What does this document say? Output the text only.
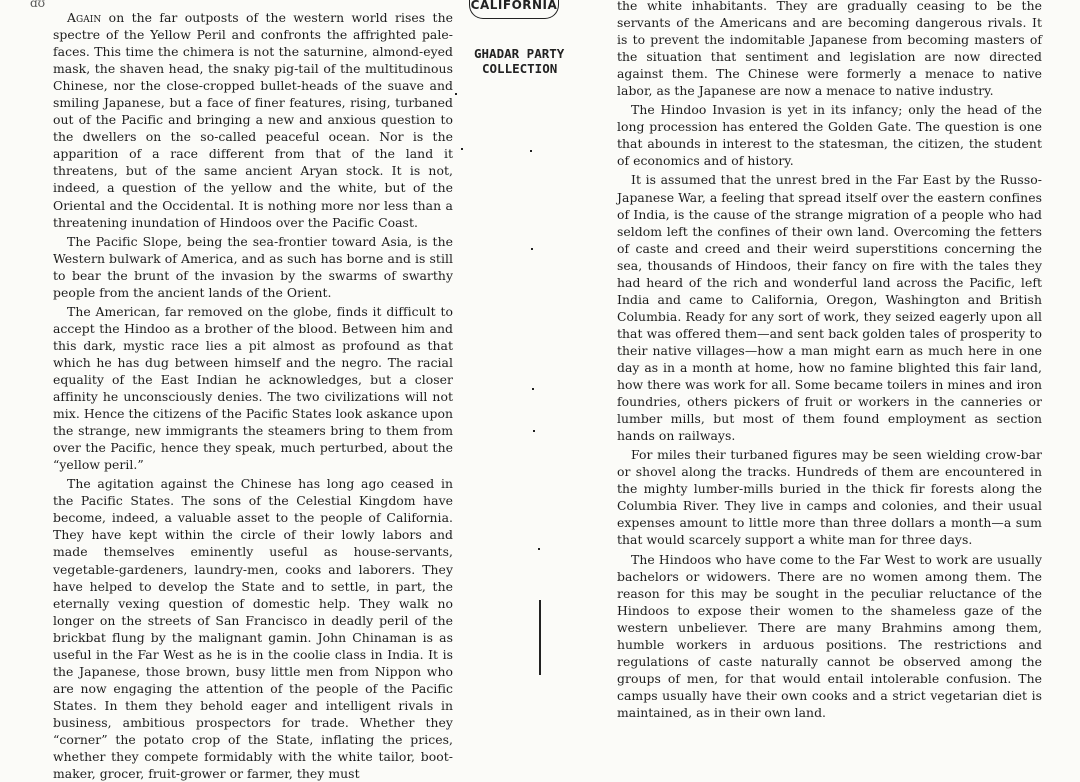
ɑʊ	CALIFORNIA
GHADAR PARTY
COLLECTION

Again on the far outposts of the western world rises the spectre of the Yellow Peril and confronts the affrighted pale-faces. This time the chimera is not the saturnine, almond-eyed mask, the shaven head, the snaky pig-tail of the multitudinous Chinese, nor the close-cropped bullet-heads of the suave and smiling Japanese, but a face of finer features, rising, turbaned out of the Pacific and bringing a new and anxious question to the dwellers on the so-called peaceful ocean. Nor is the apparition of a race different from that of the land it threatens, but of the same ancient Aryan stock. It is not, indeed, a question of the yellow and the white, but of the Oriental and the Occidental. It is nothing more nor less than a threatening inundation of Hindoos over the Pacific Coast.

The Pacific Slope, being the sea-frontier toward Asia, is the Western bulwark of America, and as such has borne and is still to bear the brunt of the invasion by the swarms of swarthy people from the ancient lands of the Orient.

The American, far removed on the globe, finds it difficult to accept the Hindoo as a brother of the blood. Between him and this dark, mystic race lies a pit almost as profound as that which he has dug between himself and the negro. The racial equality of the East Indian he acknowledges, but a closer affinity he unconsciously denies. The two civilizations will not mix. Hence the citizens of the Pacific States look askance upon the strange, new immigrants the steamers bring to them from over the Pacific, hence they speak, much perturbed, about the “yellow peril.”

The agitation against the Chinese has long ago ceased in the Pacific States. The sons of the Celestial Kingdom have become, indeed, a valuable asset to the people of California. They have kept within the circle of their lowly labors and made themselves eminently useful as house-servants, vegetable-gardeners, laundry-men, cooks and laborers. They have helped to develop the State and to settle, in part, the eternally vexing question of domestic help. They walk no longer on the streets of San Francisco in deadly peril of the brickbat flung by the malignant gamin. John Chinaman is as useful in the Far West as he is in the coolie class in India. It is the Japanese, those brown, busy little men from Nippon who are now engaging the attention of the people of the Pacific States. In them they behold eager and intelligent rivals in business, ambitious prospectors for trade. Whether they “corner” the potato crop of the State, inflating the prices, whether they compete formidably with the white tailor, boot-maker, grocer, fruit-grower or farmer, they must

the white inhabitants. They are gradually ceasing to be the servants of the Americans and are becoming dangerous rivals. It is to prevent the indomitable Japanese from becoming masters of the situation that sentiment and legislation are now directed against them. The Chinese were formerly a menace to native labor, as the Japanese are now a menace to native industry.

The Hindoo Invasion is yet in its infancy; only the head of the long procession has entered the Golden Gate. The question is one that abounds in interest to the statesman, the citizen, the student of economics and of history.

It is assumed that the unrest bred in the Far East by the Russo-Japanese War, a feeling that spread itself over the eastern confines of India, is the cause of the strange migration of a people who had seldom left the confines of their own land. Overcoming the fetters of caste and creed and their weird superstitions concerning the sea, thousands of Hindoos, their fancy on fire with the tales they had heard of the rich and wonderful land across the Pacific, left India and came to California, Oregon, Washington and British Columbia. Ready for any sort of work, they seized eagerly upon all that was offered them—and sent back golden tales of prosperity to their native villages—how a man might earn as much here in one day as in a month at home, how no famine blighted this fair land, how there was work for all. Some became toilers in mines and iron foundries, others pickers of fruit or workers in the canneries or lumber mills, but most of them found employment as section hands on railways.

For miles their turbaned figures may be seen wielding crow-bar or shovel along the tracks. Hundreds of them are encountered in the mighty lumber-mills buried in the thick fir forests along the Columbia River. They live in camps and colonies, and their usual expenses amount to little more than three dollars a month—a sum that would scarcely support a white man for three days.

The Hindoos who have come to the Far West to work are usually bachelors or widowers. There are no women among them. The reason for this may be sought in the peculiar reluctance of the Hindoos to expose their women to the shameless gaze of the western unbeliever. There are many Brahmins among them, humble workers in arduous positions. The restrictions and regulations of caste naturally cannot be observed among the groups of men, for that would entail intolerable confusion. The camps usually have their own cooks and a strict vegetarian diet is maintained, as in their own land.
